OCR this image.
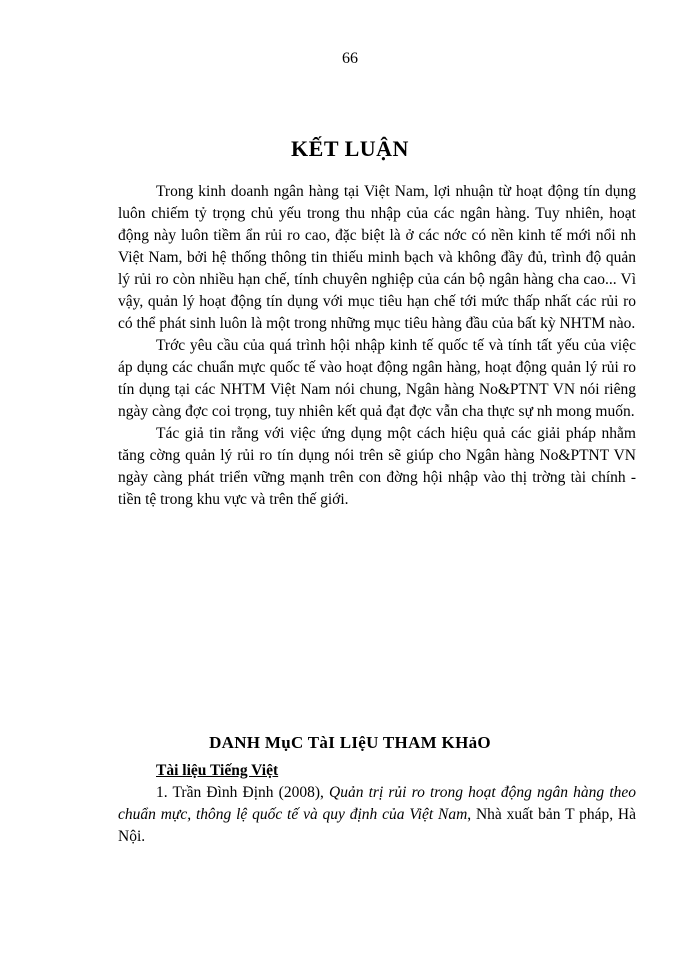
66
KẾT LUẬN

Trong kinh doanh ngân hàng tại Việt Nam, lợi nhuận từ hoạt động tín dụng luôn chiếm tỷ trọng chủ yếu trong thu nhập của các ngân hàng. Tuy nhiên, hoạt động này luôn tiềm ẩn rủi ro cao, đặc biệt là ở các nớc có nền kinh tế mới nổi nh Việt Nam, bởi hệ thống thông tin thiếu minh bạch và không đầy đủ, trình độ quản lý rủi ro còn nhiều hạn chế, tính chuyên nghiệp của cán bộ ngân hàng cha cao... Vì vậy, quản lý hoạt động tín dụng với mục tiêu hạn chế tới mức thấp nhất các rủi ro có thể phát sinh luôn là một trong những mục tiêu hàng đầu của bất kỳ NHTM nào.

Trớc yêu cầu của quá trình hội nhập kinh tế quốc tế và tính tất yếu của việc áp dụng các chuẩn mực quốc tế vào hoạt động ngân hàng, hoạt động quản lý rủi ro tín dụng tại các NHTM Việt Nam nói chung, Ngân hàng No&PTNT VN nói riêng ngày càng đợc coi trọng, tuy nhiên kết quả đạt đợc vẫn cha thực sự nh mong muốn.

Tác giả tin rằng với việc ứng dụng một cách hiệu quả các giải pháp nhằm tăng cờng quản lý rủi ro tín dụng nói trên sẽ giúp cho Ngân hàng No&PTNT VN ngày càng phát triển vững mạnh trên con đờng hội nhập vào thị trờng tài chính - tiền tệ trong khu vực và trên thế giới.

DANH MụC TàI LIệU THAM KHảO
Tài liệu Tiếng Việt

1. Trần Đình Định (2008), Quản trị rủi ro trong hoạt động ngân hàng theo chuẩn mực, thông lệ quốc tế và quy định của Việt Nam, Nhà xuất bản T pháp, Hà Nội.
